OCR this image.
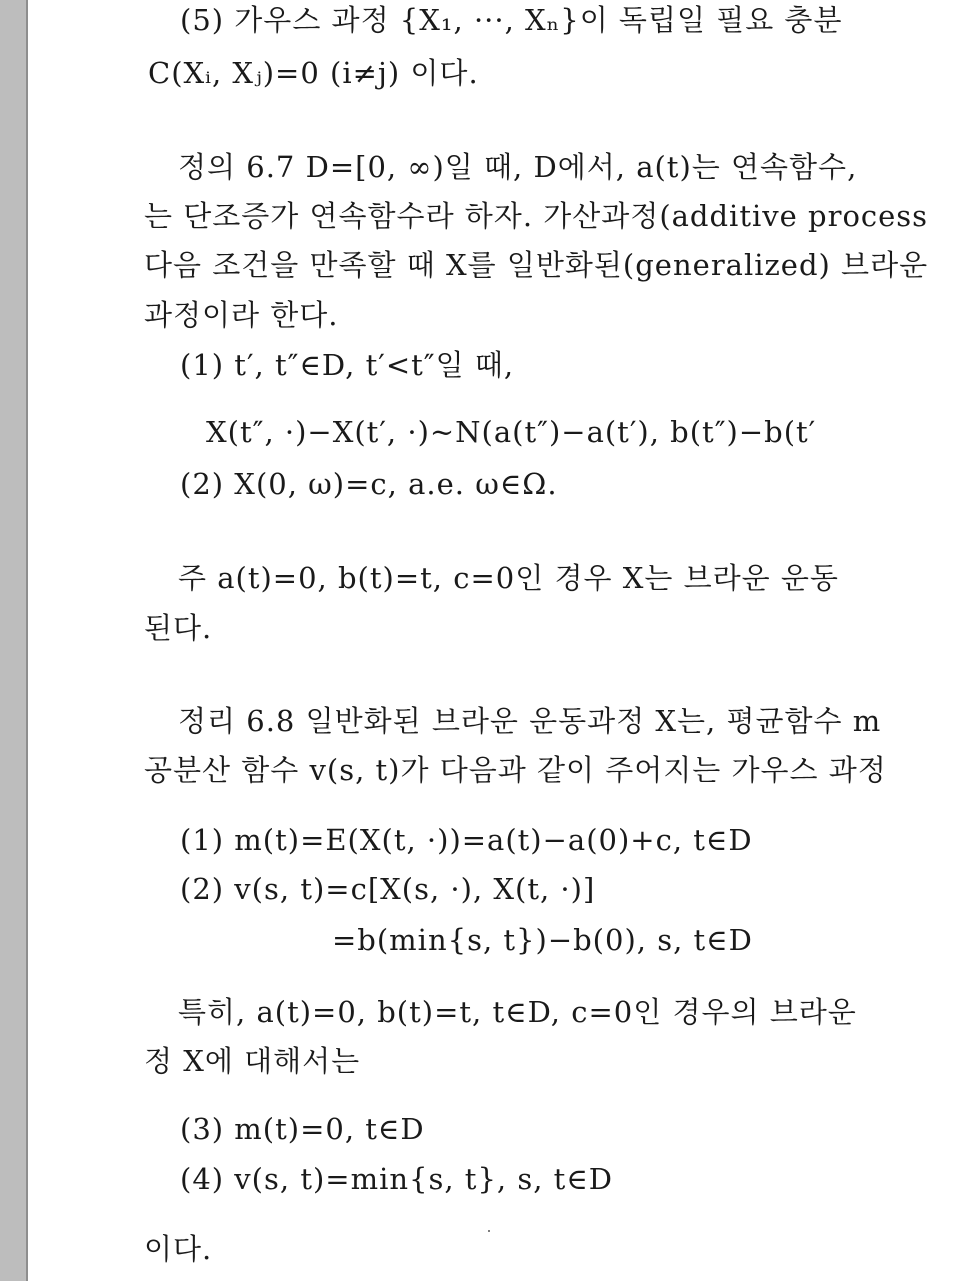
(5) 가우스 과정 {X₁, ···, Xₙ}이 독립일 필요 충분
C(Xᵢ, Xⱼ)=0 (i≠j) 이다.
정의 6.7 D=[0, ∞)일 때, D에서, a(t)는 연속함수,
는 단조증가 연속함수라 하자. 가산과정(additive process
다음 조건을 만족할 때 X를 일반화된(generalized) 브라운
과정이라 한다.
(1) t′, t″∈D, t′<t″일 때,
X(t″, ·)−X(t′, ·)~N(a(t″)−a(t′), b(t″)−b(t′
(2) X(0, ω)=c, a.e. ω∈Ω.
주 a(t)=0, b(t)=t, c=0인 경우 X는 브라운 운동
된다.
정리 6.8 일반화된 브라운 운동과정 X는, 평균함수 m
공분산 함수 v(s, t)가 다음과 같이 주어지는 가우스 과정
(1) m(t)=E(X(t, ·))=a(t)−a(0)+c, t∈D
(2) v(s, t)=c[X(s, ·), X(t, ·)]
=b(min{s, t})−b(0), s, t∈D
특히, a(t)=0, b(t)=t, t∈D, c=0인 경우의 브라운
정 X에 대해서는
(3) m(t)=0, t∈D
(4) v(s, t)=min{s, t}, s, t∈D
이다.
